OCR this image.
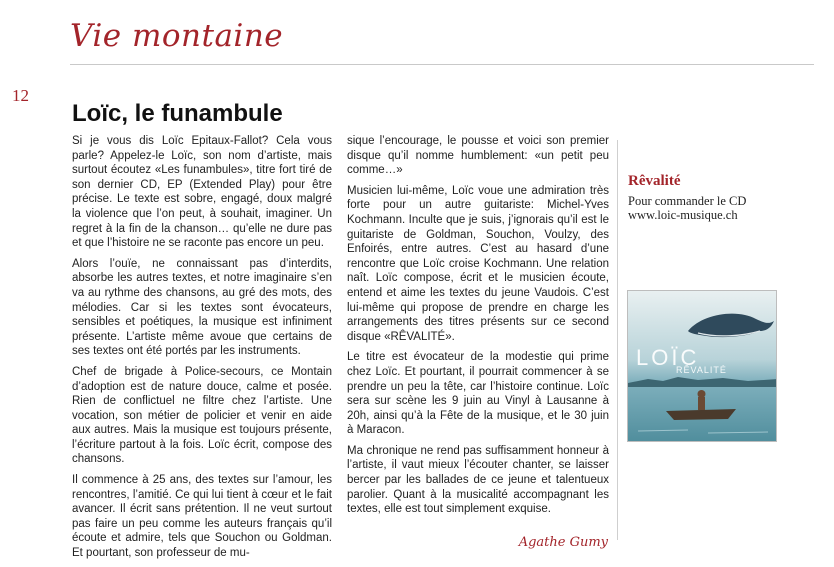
Vie montaine
12
Loïc, le funambule

Si je vous dis Loïc Epitaux-Fallot? Cela vous parle? Appelez-le Loïc, son nom d’artiste, mais surtout écoutez «Les funambules», titre fort tiré de son dernier CD, EP (Extended Play) pour être précise. Le texte est sobre, engagé, doux malgré la violence que l’on peut, à souhait, imaginer. Un regret à la fin de la chanson… qu’elle ne dure pas et que l’histoire ne se raconte pas encore un peu.

Alors l’ouïe, ne connaissant pas d’interdits, absorbe les autres textes, et notre imaginaire s’en va au rythme des chansons, au gré des mots, des mélodies. Car si les textes sont évocateurs, sensibles et poétiques, la musique est infiniment présente. L’artiste même avoue que certains de ses textes ont été portés par les instruments.

Chef de brigade à Police-secours, ce Montain d’adoption est de nature douce, calme et posée. Rien de conflictuel ne filtre chez l’artiste. Une vocation, son métier de policier et venir en aide aux autres. Mais la musique est toujours présente, l’écriture partout à la fois. Loïc écrit, compose des chansons.

Il commence à 25 ans, des textes sur l’amour, les rencontres, l’amitié. Ce qui lui tient à cœur et le fait avancer. Il écrit sans prétention. Il ne veut surtout pas faire un peu comme les auteurs français qu’il écoute et admire, tels que Souchon ou Goldman. Et pourtant, son professeur de mu-

sique l’encourage, le pousse et voici son premier disque qu’il nomme humblement: «un petit peu comme…»

Musicien lui-même, Loïc voue une admiration très forte pour un autre guitariste: Michel-Yves Kochmann. Inculte que je suis, j’ignorais qu’il est le guitariste de Goldman, Souchon, Voulzy, des Enfoirés, entre autres. C’est au hasard d’une rencontre que Loïc croise Kochmann. Une relation naît. Loïc compose, écrit et le musicien écoute, entend et aime les textes du jeune Vaudois. C’est lui-même qui propose de prendre en charge les arrangements des titres présents sur ce second disque «RÊVALITÉ».

Le titre est évocateur de la modestie qui prime chez Loïc. Et pourtant, il pourrait commencer à se prendre un peu la tête, car l’histoire continue. Loïc sera sur scène les 9 juin au Vinyl à Lausanne à 20h, ainsi qu’à la Fête de la musique, et le 30 juin à Maracon.

Ma chronique ne rend pas suffisamment honneur à l’artiste, il vaut mieux l’écouter chanter, se laisser bercer par les ballades de ce jeune et talentueux parolier. Quant à la musicalité accompagnant les textes, elle est tout simplement exquise.

Agathe Gumy
Rêvalité
Pour commander le CD
www.loic-musique.ch
LOÏC
RÊVALITÉ
